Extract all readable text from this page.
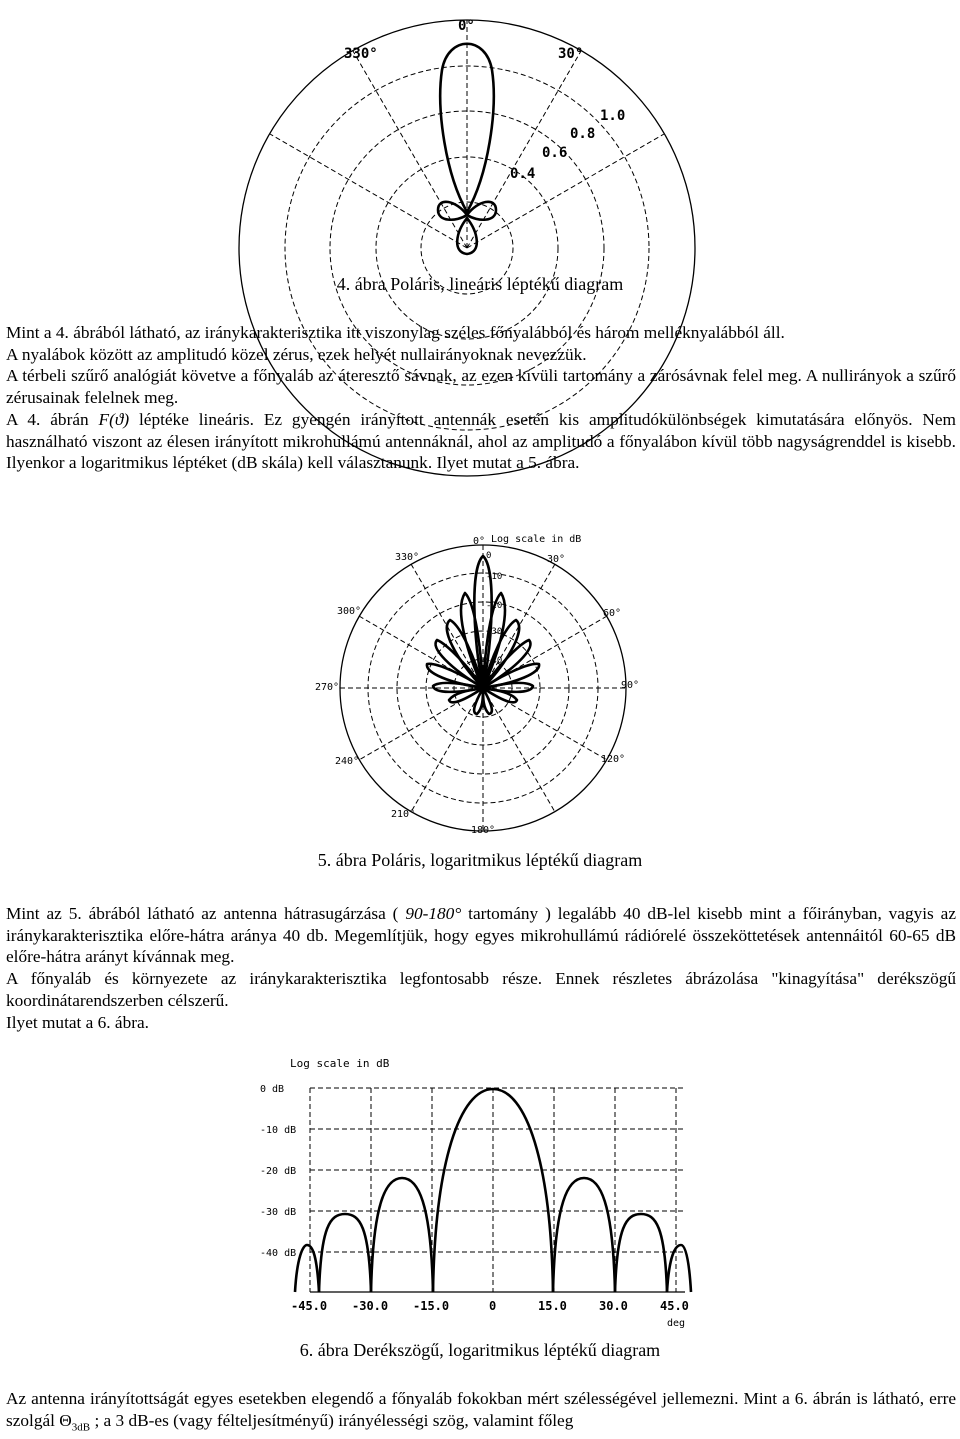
0°
330°	30°
1.0
0.8
0.6
0.4
4. ábra Poláris, lineáris léptékű diagram
Mint a 4. ábrából látható, az iránykarakterisztika itt viszonylag széles főnyalábból és három melléknyalábból áll.
A nyalábok között az amplitudó közel zérus, ezek helyét nullairányoknak nevezzük.
A térbeli szűrő analógiát követve a főnyaláb az áteresztő sávnak, az ezen kívüli tartomány a zárósávnak felel meg. A nullirányok a szűrő zérusainak felelnek meg.
A 4. ábrán F(ϑ) léptéke lineáris. Ez gyengén irányított antennák esetén kis amplitudókülönbségek kimutatására előnyös. Nem használható viszont az élesen irányított mikrohullámú antennáknál, ahol az amplitudó a főnyalábon kívül több nagyságrenddel is kisebb. Ilyenkor a logaritmikus léptéket (dB skála) kell választanunk. Ilyet mutat a 5. ábra.
Log scale in dB
0°
30°
60°
90°
120°
180°
210°
240°
270°
300°
330°	0
-10
-20
-30
-40
5. ábra Poláris, logaritmikus léptékű diagram
Mint az 5. ábrából látható az antenna hátrasugárzása ( 90-180° tartomány ) legalább 40 dB-lel kisebb mint a főirányban, vagyis az iránykarakterisztika előre-hátra aránya 40 db. Megemlítjük, hogy egyes mikrohullámú rádiórelé összeköttetések antennáitól 60-65 dB előre-hátra arányt kívánnak meg.
A főnyaláb és környezete az iránykarakterisztika legfontosabb része. Ennek részletes ábrázolása "kinagyítása" derékszögű koordinátarendszerben célszerű.
Ilyet mutat a 6. ábra.
Log scale in dB
0 dB
-10 dB
-20 dB
-30 dB
-40 dB
-45.0 -30.0 -15.0	0	15.0	30.0	45.0
deg
6. ábra Derékszögű, logaritmikus léptékű diagram
Az antenna irányítottságát egyes esetekben elegendő a főnyaláb fokokban mért szélességével jellemezni. Mint a 6. ábrán is látható, erre szolgál $\Theta_{3dB}$ ; a 3 dB-es (vagy félteljesítményű) irányélességi szög, valamint főleg
